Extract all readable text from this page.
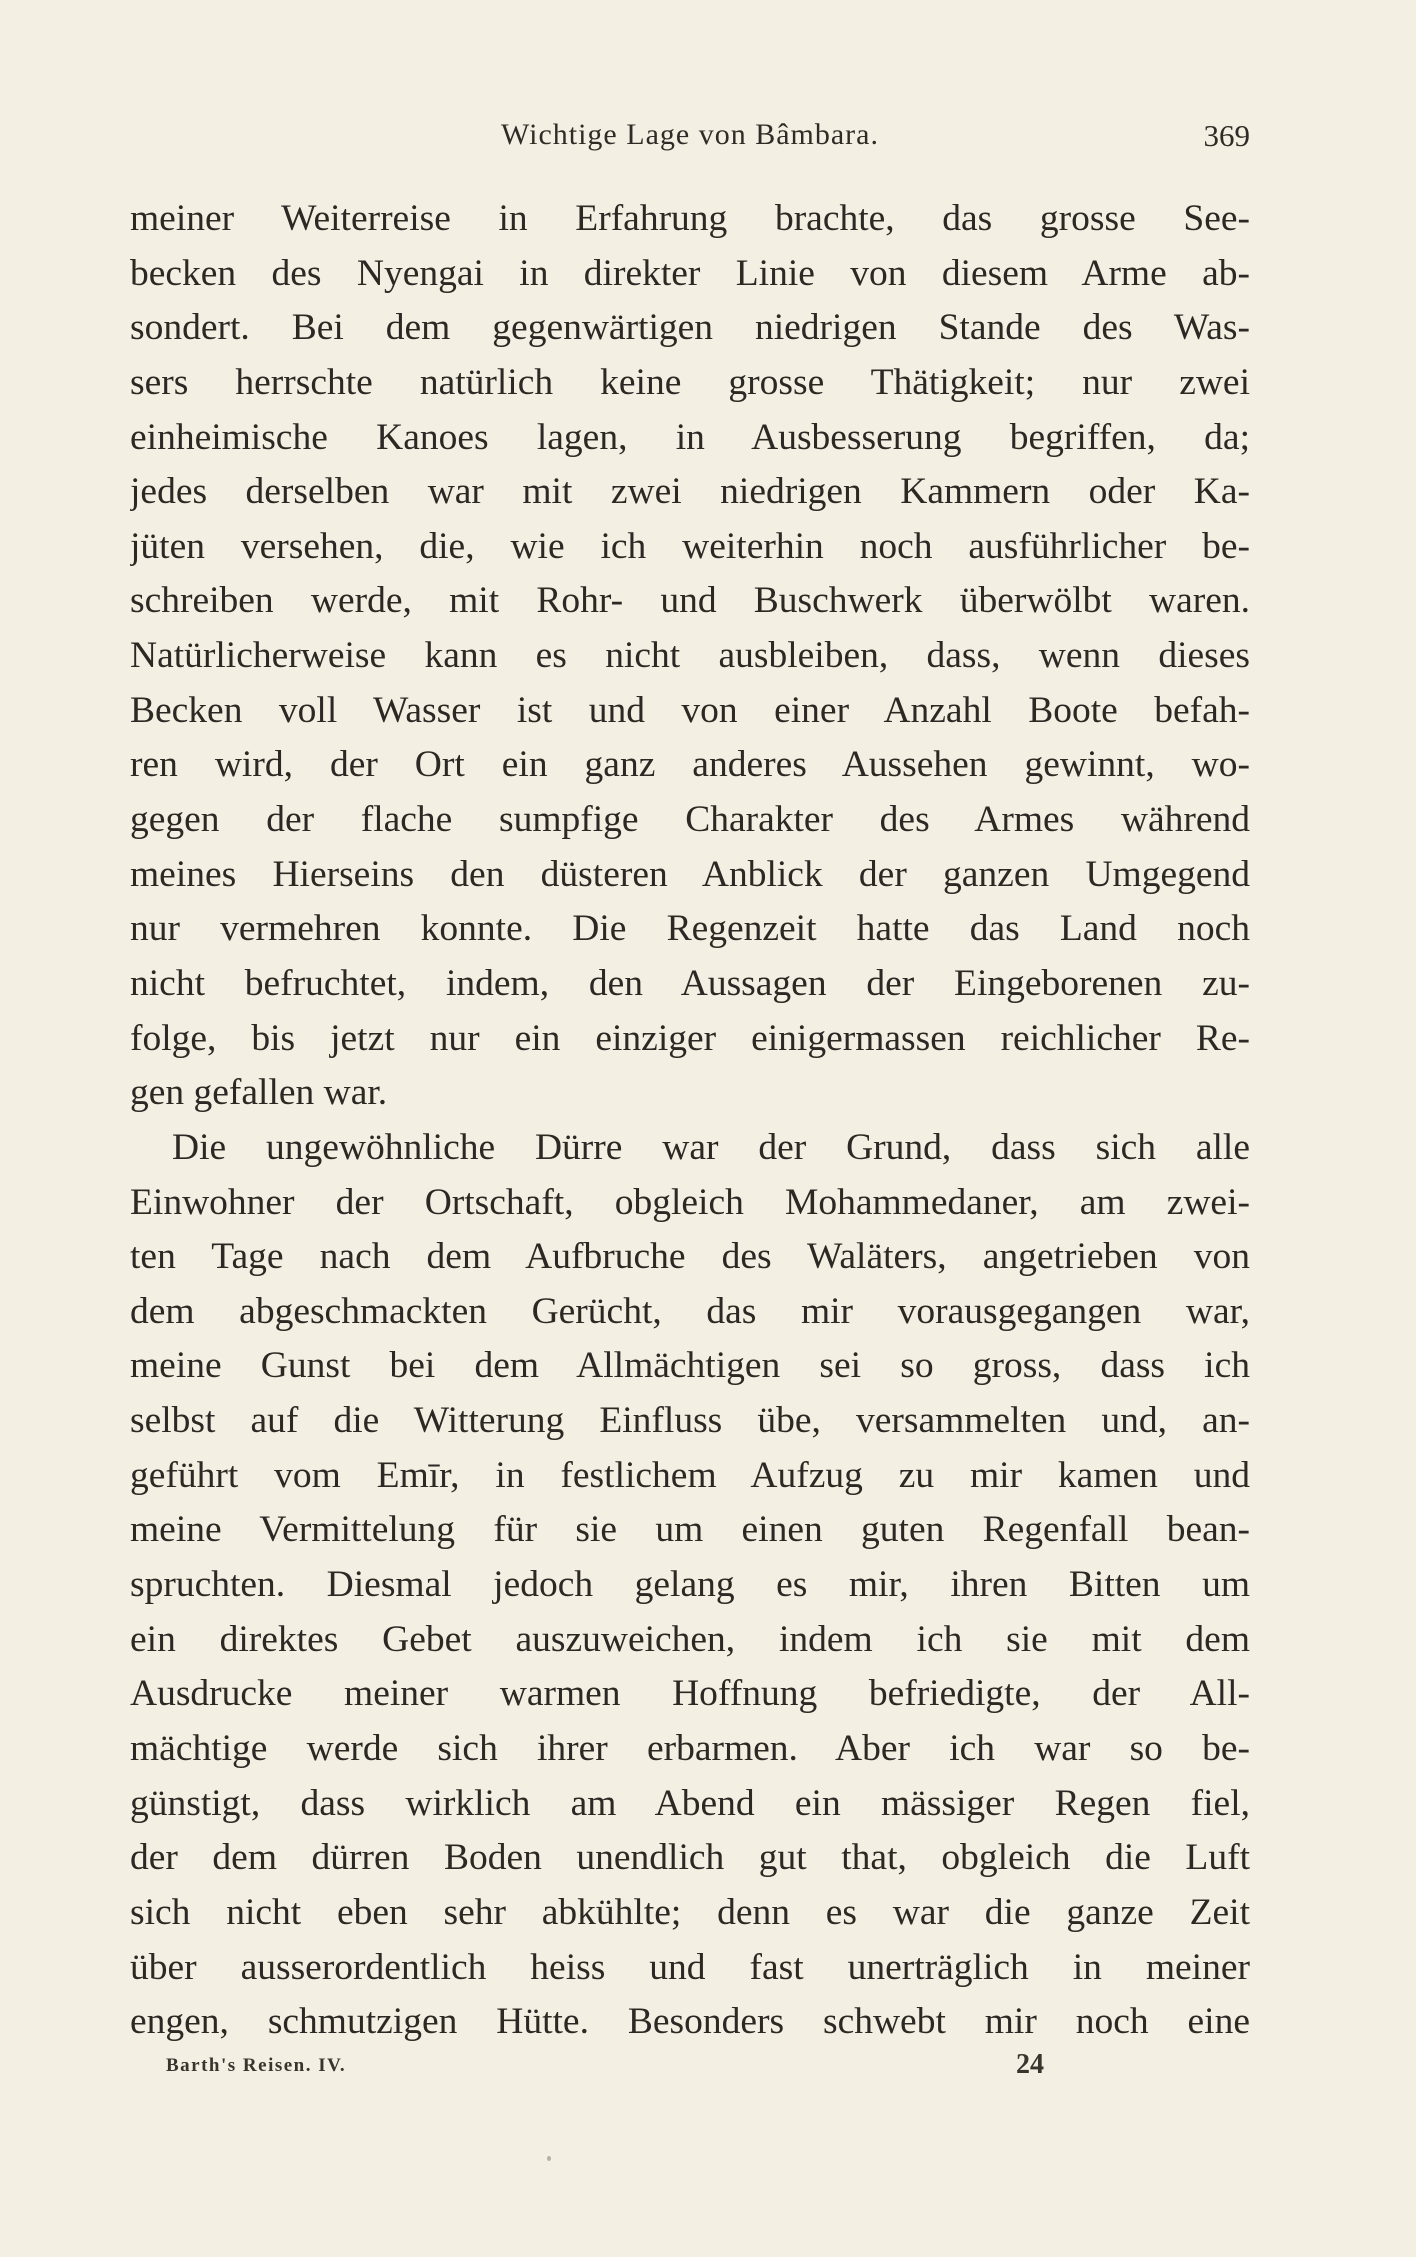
Wichtige Lage von Bâmbara.	369
meiner Weiterreise in Erfahrung brachte, das grosse See-
becken des Nyengai in direkter Linie von diesem Arme ab-
sondert. Bei dem gegenwärtigen niedrigen Stande des Was-
sers herrschte natürlich keine grosse Thätigkeit; nur zwei
einheimische Kanoes lagen, in Ausbesserung begriffen, da;
jedes derselben war mit zwei niedrigen Kammern oder Ka-
jüten versehen, die, wie ich weiterhin noch ausführlicher be-
schreiben werde, mit Rohr- und Buschwerk überwölbt waren.
Natürlicherweise kann es nicht ausbleiben, dass, wenn dieses
Becken voll Wasser ist und von einer Anzahl Boote befah-
ren wird, der Ort ein ganz anderes Aussehen gewinnt, wo-
gegen der flache sumpfige Charakter des Armes während
meines Hierseins den düsteren Anblick der ganzen Umgegend
nur vermehren konnte. Die Regenzeit hatte das Land noch
nicht befruchtet, indem, den Aussagen der Eingeborenen zu-
folge, bis jetzt nur ein einziger einigermassen reichlicher Re-
gen gefallen war.
Die ungewöhnliche Dürre war der Grund, dass sich alle
Einwohner der Ortschaft, obgleich Mohammedaner, am zwei-
ten Tage nach dem Aufbruche des Waläters, angetrieben von
dem abgeschmackten Gerücht, das mir vorausgegangen war,
meine Gunst bei dem Allmächtigen sei so gross, dass ich
selbst auf die Witterung Einfluss übe, versammelten und, an-
geführt vom Emīr, in festlichem Aufzug zu mir kamen und
meine Vermittelung für sie um einen guten Regenfall bean-
spruchten. Diesmal jedoch gelang es mir, ihren Bitten um
ein direktes Gebet auszuweichen, indem ich sie mit dem
Ausdrucke meiner warmen Hoffnung befriedigte, der All-
mächtige werde sich ihrer erbarmen. Aber ich war so be-
günstigt, dass wirklich am Abend ein mässiger Regen fiel,
der dem dürren Boden unendlich gut that, obgleich die Luft
sich nicht eben sehr abkühlte; denn es war die ganze Zeit
über ausserordentlich heiss und fast unerträglich in meiner
engen, schmutzigen Hütte. Besonders schwebt mir noch eine
Barth's Reisen. IV.	24
